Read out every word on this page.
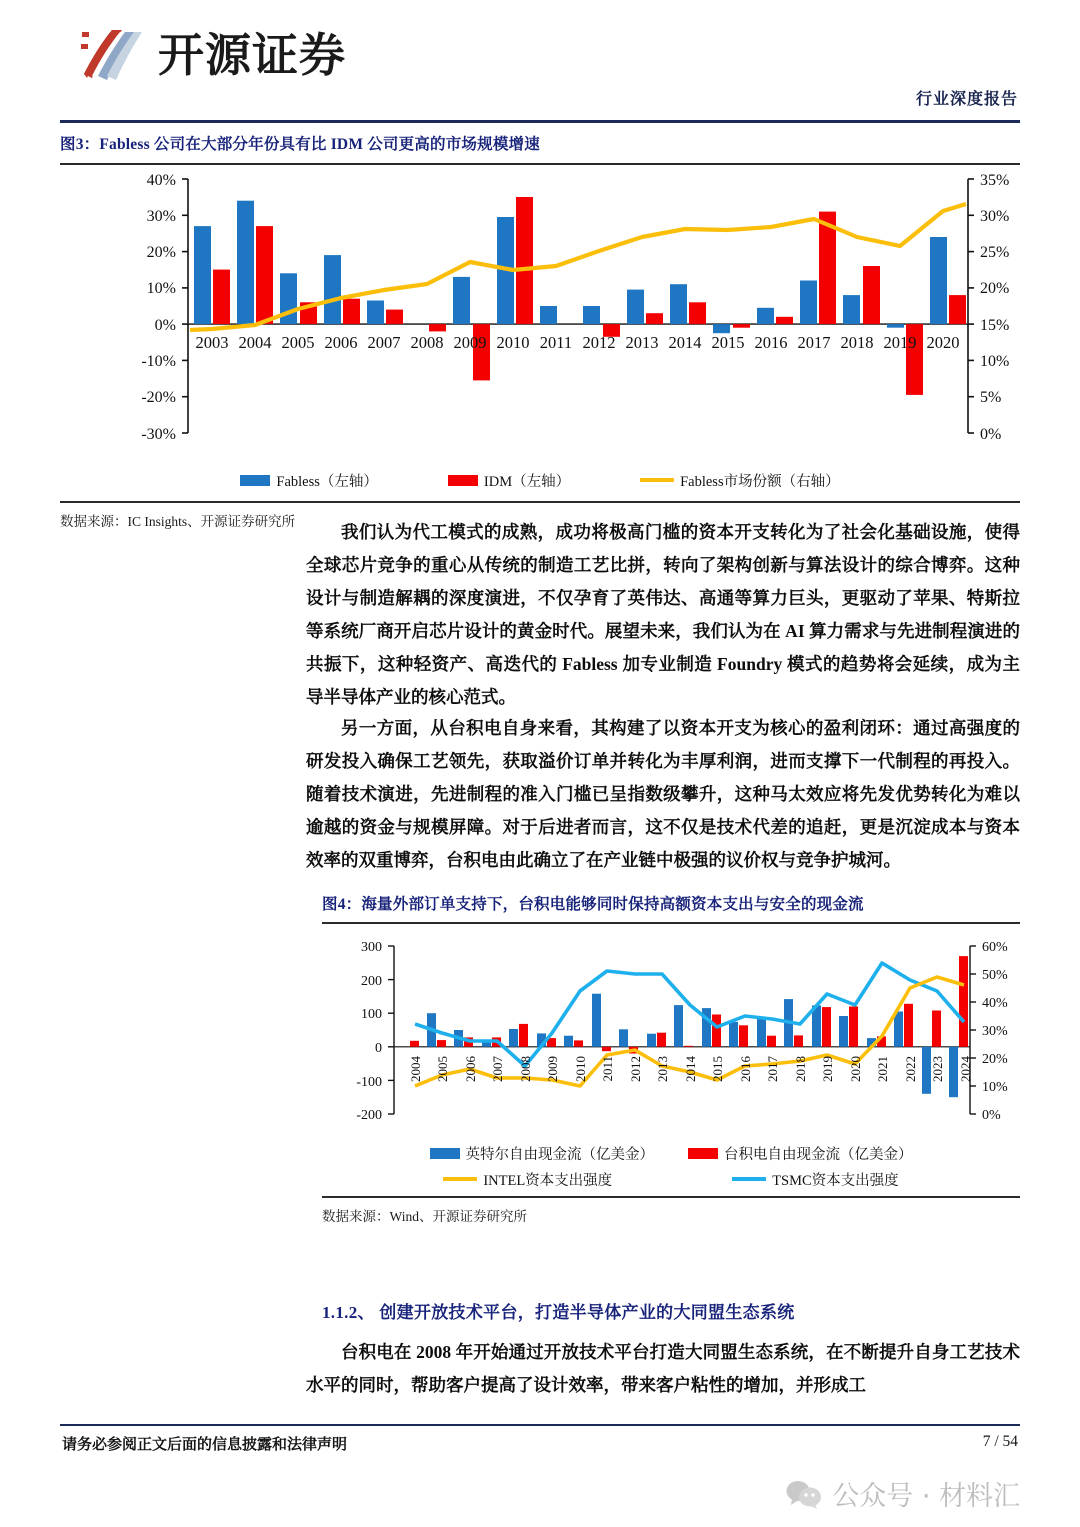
开源证券
行业深度报告
图3：Fabless 公司在大部分年份具有比 IDM 公司更高的市场规模增速
40%
30%
20%
10%
0%
-10%
-20%
-30%
35%
30%
25%
20%
15%
10%
5%
0%
2003 2004 2005 2006 2007 2008 2009 2010 2011 2012 2013 2014 2015 2016 2017 2018 2019 2020
Fabless（左轴）	IDM（左轴）	Fabless市场份额（右轴）
数据来源：IC Insights、开源证券研究所
我们认为代工模式的成熟，成功将极高门槛的资本开支转化为了社会化基础设施，使得全球芯片竞争的重心从传统的制造工艺比拼，转向了架构创新与算法设计的综合博弈。这种设计与制造解耦的深度演进，不仅孕育了英伟达、高通等算力巨头，更驱动了苹果、特斯拉等系统厂商开启芯片设计的黄金时代。展望未来，我们认为在 AI 算力需求与先进制程演进的共振下，这种轻资产、高迭代的 Fabless 加专业制造 Foundry 模式的趋势将会延续，成为主导半导体产业的核心范式。
另一方面，从台积电自身来看，其构建了以资本开支为核心的盈利闭环：通过高强度的研发投入确保工艺领先，获取溢价订单并转化为丰厚利润，进而支撑下一代制程的再投入。随着技术演进，先进制程的准入门槛已呈指数级攀升，这种马太效应将先发优势转化为难以逾越的资金与规模屏障。对于后进者而言，这不仅是技术代差的追赶，更是沉淀成本与资本效率的双重博弈，台积电由此确立了在产业链中极强的议价权与竞争护城河。
图4：海量外部订单支持下，台积电能够同时保持高额资本支出与安全的现金流
300
200
100
0
-100
-200
60%
50%
40%
30%
20%
10%
0%
2004 2005 2006 2007 2008 2009 2010 2011 2012 2013 2014 2015 2016 2017 2018 2019 2020 2021 2022 2023 2024
英特尔自由现金流（亿美金）	台积电自由现金流（亿美金）
INTEL资本支出强度	TSMC资本支出强度
数据来源：Wind、开源证券研究所
1.1.2、 创建开放技术平台，打造半导体产业的大同盟生态系统
台积电在 2008 年开始通过开放技术平台打造大同盟生态系统，在不断提升自身工艺技术水平的同时，帮助客户提高了设计效率，带来客户粘性的增加，并形成工
请务必参阅正文后面的信息披露和法律声明	7 / 54
公众号 · 材料汇
